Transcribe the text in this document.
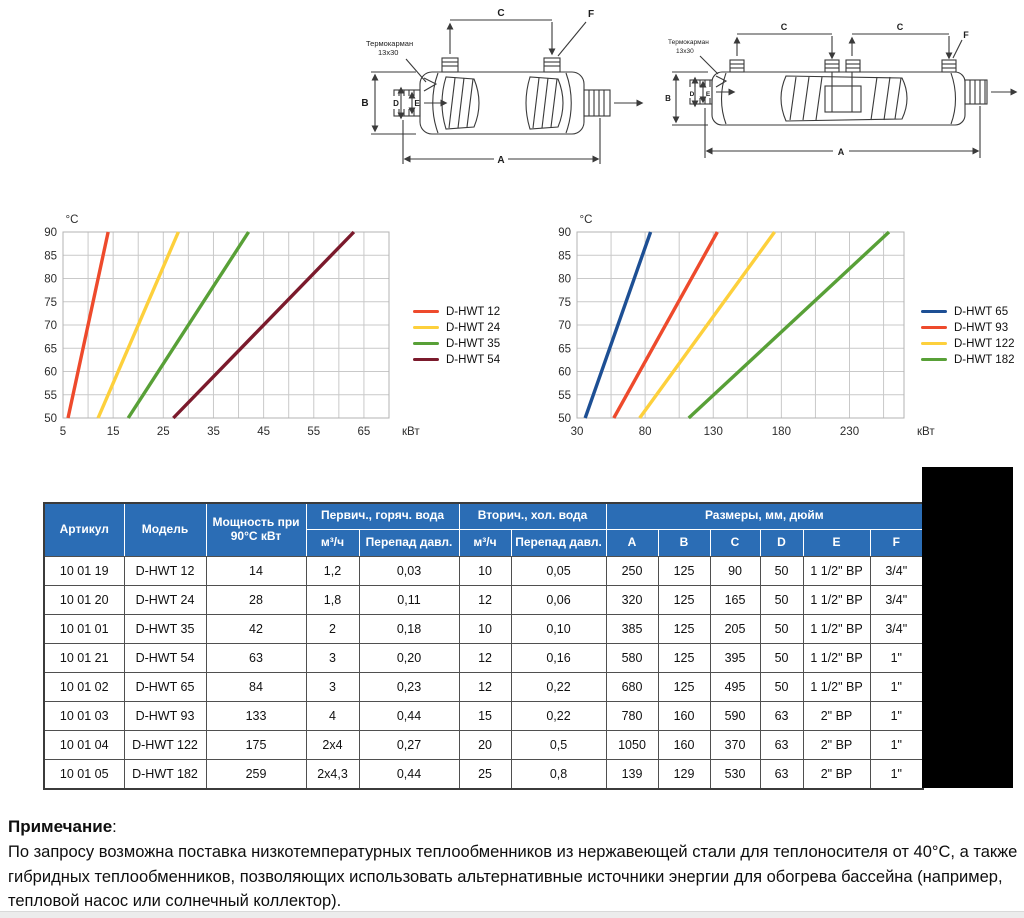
C	F
B	D E
A
Термокарман
13x30
C	C
F
B	D E
A
Термокарман
13x30
5	15	25	35	45	55	65
90
85
80
75
70
65
60
55
50
°C
кВт
D-HWT 12
D-HWT 24
D-HWT 35
D-HWT 54
30	80	130	180	230
90
85
80
75
70
65
60
55
50
°C
кВт
D-HWT 65
D-HWT 93
D-HWT 122
D-HWT 182
Артикул	Модель	Мощность при 90°С кВт	Первич., горяч. вода		Вторич., хол. вода		Размеры, мм, дюйм					
			м³/ч	Перепад давл.	м³/ч	Перепад давл.	A	B	C	D	E	F
10 01 19	D-HWT 12	14	1,2	0,03	10	0,05	250	125	90	50	1 1/2" ВР	3/4"
10 01 20	D-HWT 24	28	1,8	0,11	12	0,06	320	125	165	50	1 1/2" ВР	3/4"
10 01 01	D-HWT 35	42	2	0,18	10	0,10	385	125	205	50	1 1/2" ВР	3/4"
10 01 21	D-HWT 54	63	3	0,20	12	0,16	580	125	395	50	1 1/2" ВР	1"
10 01 02	D-HWT 65	84	3	0,23	12	0,22	680	125	495	50	1 1/2" ВР	1"
10 01 03	D-HWT 93	133	4	0,44	15	0,22	780	160	590	63	2" ВР	1"
10 01 04	D-HWT 122	175	2x4	0,27	20	0,5	1050	160	370	63	2" ВР	1"
10 01 05	D-HWT 182	259	2x4,3	0,44	25	0,8	139	129	530	63	2" ВР	1"
Примечание:
По запросу возможна поставка низкотемпературных теплообменников из нержавеющей стали для теплоносителя от 40°С, а также гибридных теплообменников, позволяющих использовать альтернативные источники энергии для обогрева бассейна (например, тепловой насос или солнечный коллектор).
